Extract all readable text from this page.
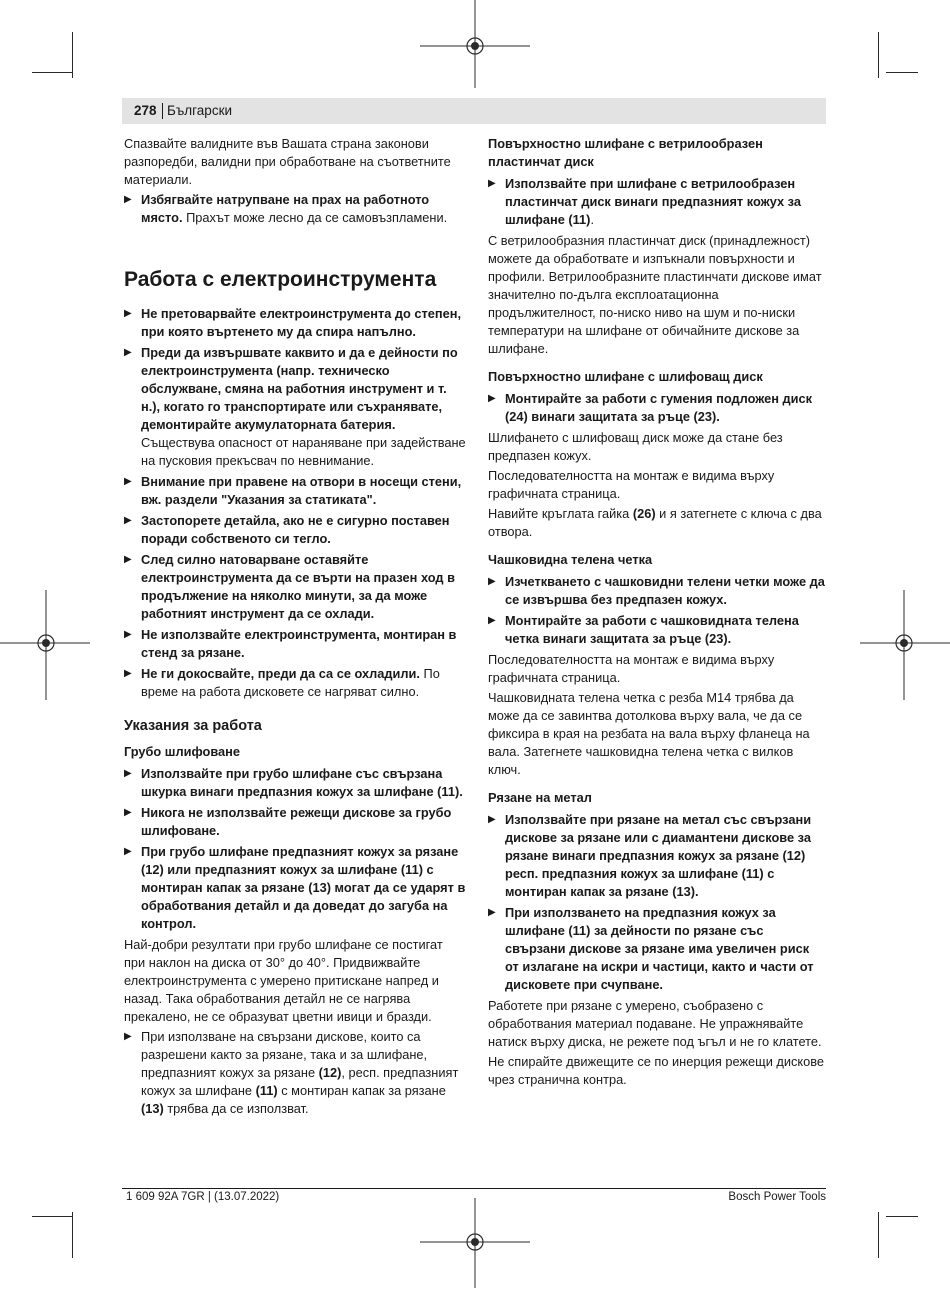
278 Български

Спазвайте валидните във Вашата страна законови разпоредби, валидни при обработване на съответните материали.

▶ Избягвайте натрупване на прах на работното място. Прахът може лесно да се самовъзпламени.
Работа с електроинструмента
▶ Не претоварвайте електроинструмента до степен, при която въртенето му да спира напълно.
▶ Преди да извършвате каквито и да е дейности по електроинструмента (напр. техническо обслужване, смяна на работния инструмент и т. н.), когато го транспортирате или съхранявате, демонтирайте акумулаторната батерия. Съществува опасност от нараняване при задействане на пусковия прекъсвач по невнимание.
▶ Внимание при правене на отвори в носещи стени, вж. раздели "Указания за статиката".
▶ Застопорете детайла, ако не е сигурно поставен поради собственото си тегло.
▶ След силно натоварване оставяйте електроинструмента да се върти на празен ход в продължение на няколко минути, за да може работният инструмент да се охлади.
▶ Не използвайте електроинструмента, монтиран в стенд за рязане.
▶ Не ги докосвайте, преди да са се охладили. По време на работа дисковете се нагряват силно.
Указания за работа
Грубо шлифоване
▶ Използвайте при грубо шлифане със свързана шкурка винаги предпазния кожух за шлифане (11).
▶ Никога не използвайте режещи дискове за грубо шлифоване.
▶ При грубо шлифане предпазният кожух за рязане (12) или предпазният кожух за шлифане (11) с монтиран капак за рязане (13) могат да се ударят в обработвания детайл и да доведат до загуба на контрол.

Най-добри резултати при грубо шлифане се постигат при наклон на диска от 30° до 40°. Придвижвайте електроинструмента с умерено притискане напред и назад. Така обработвания детайл не се нагрява прекалено, не се образуват цветни ивици и бразди.

▶ При използване на свързани дискове, които са разрешени както за рязане, така и за шлифане, предпазният кожух за рязане (12), респ. предпазният кожух за шлифане (11) с монтиран капак за рязане (13) трябва да се използват.
Повърхностно шлифане с ветрилообразен пластинчат диск
▶ Използвайте при шлифане с ветрилообразен пластинчат диск винаги предпазният кожух за шлифане (11).

С ветрилообразния пластинчат диск (принадлежност) можете да обработвате и изпъкнали повърхности и профили. Ветрилообразните пластинчати дискове имат значително по-дълга експлоатационна продължителност, по-ниско ниво на шум и по-ниски температури на шлифане от обичайните дискове за шлифане.

Повърхностно шлифане с шлифоващ диск
▶ Монтирайте за работи с гумения подложен диск (24) винаги защитата за ръце (23).

Шлифането с шлифоващ диск може да стане без предпазен кожух.

Последователността на монтаж е видима върху графичната страница.

Навийте кръглата гайка (26) и я затегнете с ключа с два отвора.

Чашковидна телена четка
▶ Изчеткването с чашковидни телени четки може да се извършва без предпазен кожух.
▶ Монтирайте за работи с чашковидната телена четка винаги защитата за ръце (23).

Последователността на монтаж е видима върху графичната страница.

Чашковидната телена четка с резба M14 трябва да може да се завинтва дотолкова върху вала, че да се фиксира в края на резбата на вала върху фланеца на вала. Затегнете чашковидна телена четка с вилков ключ.

Рязане на метал
▶ Използвайте при рязане на метал със свързани дискове за рязане или с диамантени дискове за рязане винаги предпазния кожух за рязане (12) респ. предпазния кожух за шлифане (11) с монтиран капак за рязане (13).
▶ При използването на предпазния кожух за шлифане (11) за дейности по рязане със свързани дискове за рязане има увеличен риск от излагане на искри и частици, както и части от дисковете при счупване.

Работете при рязане с умерено, съобразено с обработвания материал подаване. Не упражнявайте натиск върху диска, не режете под ъгъл и не го клатете.

Не спирайте движещите се по инерция режещи дискове чрез странична контра.

1 609 92A 7GR | (13.07.2022)	Bosch Power Tools
